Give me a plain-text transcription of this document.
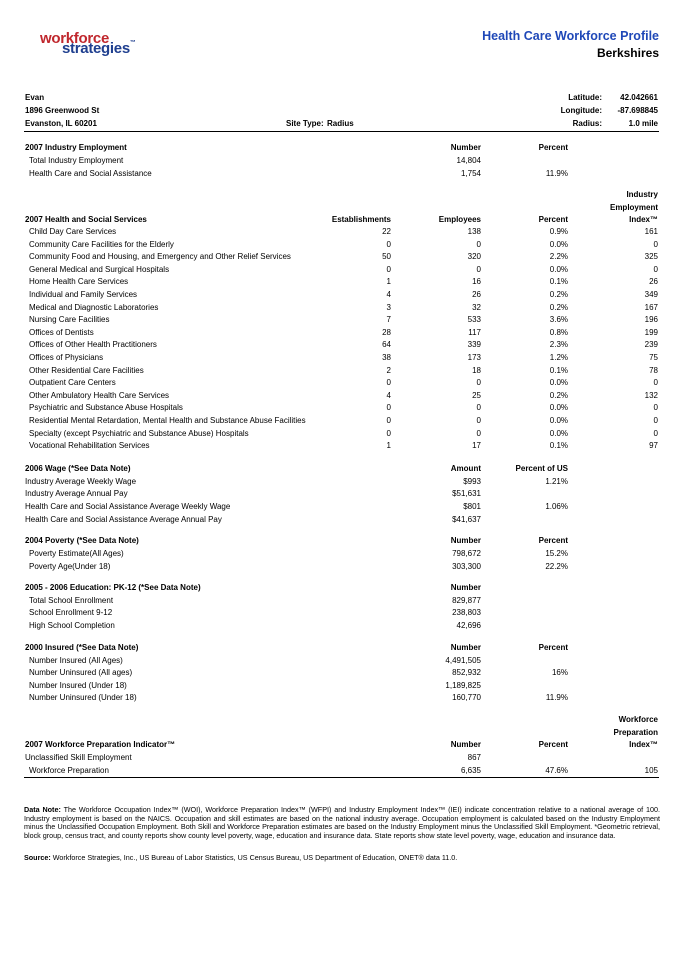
workforce
strategies™	Health Care Workforce Profile
Berkshires
Evan	Latitude: 42.042661
1896 Greenwood St	Longitude: -87.698845
Evanston, IL 60201	Site Type: Radius	Radius:	1.0 mile
2007 Industry Employment	Number	Percent
Total Industry Employment	14,804
Health Care and Social Assistance	1,754	11.9%
Industry
Employment
2007 Health and Social Services	Establishments	Employees	Percent	Index™
Child Day Care Services	22	138	0.9%	161
Community Care Facilities for the Elderly	0	0	0.0%	0
Community Food and Housing, and Emergency and Other Relief Services	50	320	2.2%	325
General Medical and Surgical Hospitals	0	0	0.0%	0
Home Health Care Services	1	16	0.1%	26
Individual and Family Services	4	26	0.2%	349
Medical and Diagnostic Laboratories	3	32	0.2%	167
Nursing Care Facilities	7	533	3.6%	196
Offices of Dentists	28	117	0.8%	199
Offices of Other Health Practitioners	64	339	2.3%	239
Offices of Physicians	38	173	1.2%	75
Other Residential Care Facilities	2	18	0.1%	78
Outpatient Care Centers	0	0	0.0%	0
Other Ambulatory Health Care Services	4	25	0.2%	132
Psychiatric and Substance Abuse Hospitals	0	0	0.0%	0
Residential Mental Retardation, Mental Health and Substance Abuse Facilities	0	0	0.0%	0
Specialty (except Psychiatric and Substance Abuse) Hospitals	0	0	0.0%	0
Vocational Rehabilitation Services	1	17	0.1%	97
2006 Wage (*See Data Note)	Amount	Percent of US
Industry Average Weekly Wage	$993	1.21%
Industry Average Annual Pay	$51,631
Health Care and Social Assistance Average Weekly Wage	$801	1.06%
Health Care and Social Assistance Average Annual Pay	$41,637
2004 Poverty (*See Data Note)	Number	Percent
Poverty Estimate(All Ages)	798,672	15.2%
Poverty Age(Under 18)	303,300	22.2%
2005 - 2006 Education: PK-12 (*See Data Note)	Number
Total School Enrollment	829,877
School Enrollment 9-12	238,803
High School Completion	42,696
2000 Insured (*See Data Note)	Number	Percent
Number Insured (All Ages)	4,491,505
Number Uninsured (All ages)	852,932	16%
Number Insured (Under 18)	1,189,825
Number Uninsured (Under 18)	160,770	11.9%
Workforce
Preparation
2007 Workforce Preparation Indicator™	Number	Percent	Index™
Unclassified Skill Employment	867
Workforce Preparation	6,635	47.6%	105
Data Note: The Workforce Occupation Index™ (WOI), Workforce Preparation Index™ (WFPI) and Industry Employment Index™ (IEI) indicate concentration relative to a national average of 100. Industry employment is based on the NAICS. Occupation and skill estimates are based on the national industry average. Occupation employment is calculated based on the Industry Employment minus the Unclassified Occupation Employment. Both Skill and Workforce Preparation estimates are based on the Industry Employment minus the Unclassified Skill Employment. *Geometric retrieval, block group, census tract, and county reports show county level poverty, wage, education and insurance data. State reports show state level poverty, wage, education and insurance data.
Source: Workforce Strategies, Inc., US Bureau of Labor Statistics, US Census Bureau, US Department of Education, ONET® data 11.0.
